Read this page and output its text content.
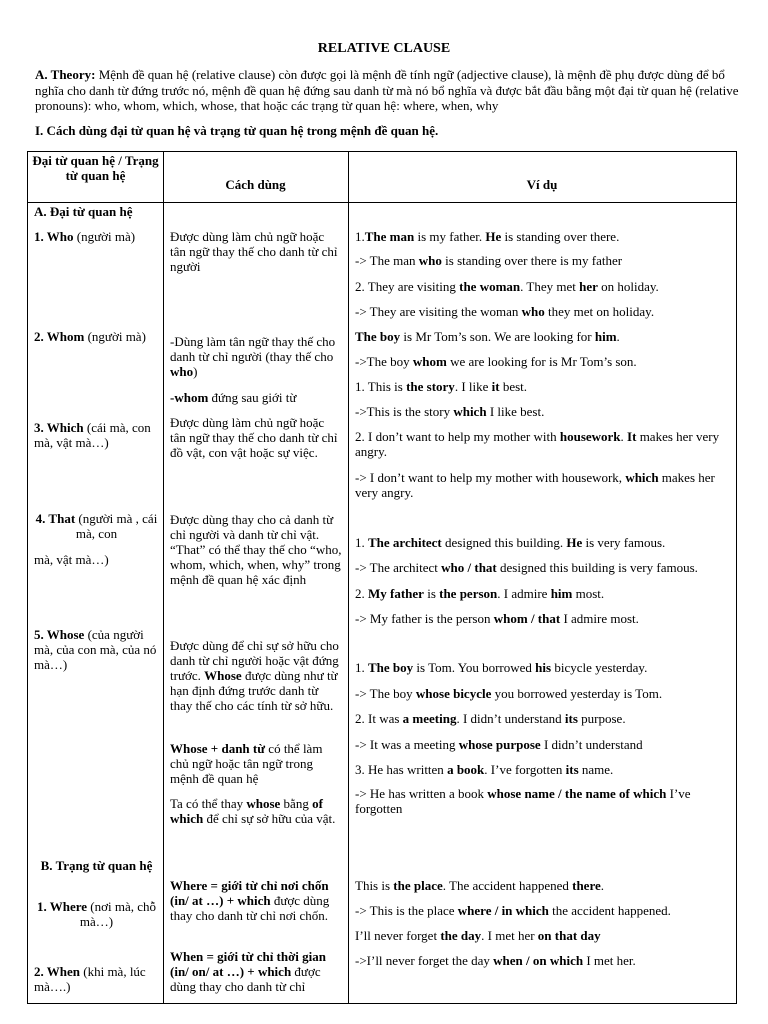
RELATIVE CLAUSE
A. Theory: Mệnh đề quan hệ (relative clause) còn được gọi là mệnh đề tính ngữ (adjective clause), là mệnh đề phụ được dùng để bổ nghĩa cho danh từ đứng trước nó, mệnh đề quan hệ đứng sau danh từ mà nó bổ nghĩa và được bắt đầu bằng một đại từ quan hệ (relative pronouns): who, whom, which, whose, that hoặc các trạng từ quan hệ: where, when, why
I. Cách dùng đại từ quan hệ và trạng từ quan hệ trong mệnh đề quan hệ.
Đại từ quan hệ / Trạng từ quan hệ
Cách dùng	Ví dụ
A. Đại từ quan hệ
1. Who (người mà)
2. Whom (người mà)
3. Which (cái mà, con mà, vật mà…)
4. That (người mà , cái mà, con
mà, vật mà…)
5. Whose (của người mà, của con mà, của nó mà…)
B. Trạng từ quan hệ
1. Where (nơi mà, chỗ mà…)
2. When (khi mà, lúc mà….)
Được dùng làm chủ ngữ hoặc tân ngữ thay thế cho danh từ chỉ người
-Dùng làm tân ngữ thay thế cho danh từ chỉ người (thay thế cho who)
-whom đứng sau giới từ
Được dùng làm chủ ngữ hoặc tân ngữ thay thế cho danh từ chỉ đồ vật, con vật hoặc sự việc.
Được dùng thay cho cả danh từ chỉ người và danh từ chỉ vật. “That” có thể thay thế cho “who, whom, which, when, why” trong mệnh đề quan hệ xác định
Được dùng để chỉ sự sở hữu cho danh từ chỉ người hoặc vật đứng trước. Whose được dùng như từ hạn định đứng trước danh từ thay thế cho các tính từ sở hữu.
Whose + danh từ có thể làm chủ ngữ hoặc tân ngữ trong mệnh đề quan hệ
Ta có thể thay whose bằng of which để chỉ sự sở hữu của vật.
Where = giới từ chỉ nơi chốn (in/ at …) + which được dùng thay cho danh từ chỉ nơi chốn.
When = giới từ chỉ thời gian (in/ on/ at …) + which được dùng thay cho danh từ chỉ
1.The man is my father. He is standing over there.
-> The man who is standing over there is my father
2. They are visiting the woman. They met her on holiday.
-> They are visiting the woman who they met on holiday.
The boy is Mr Tom’s son. We are looking for him.
->The boy whom we are looking for is Mr Tom’s son.
1. This is the story. I like it best.
->This is the story which I like best.
2. I don’t want to help my mother with housework. It makes her very angry.
-> I don’t want to help my mother with housework, which makes her very angry.
1. The architect designed this building. He is very famous.
-> The architect who / that designed this building is very famous.
2. My father is the person. I admire him most.
-> My father is the person whom / that I admire most.
1. The boy is Tom. You borrowed his bicycle yesterday.
-> The boy whose bicycle you borrowed yesterday is Tom.
2. It was a meeting. I didn’t understand its purpose.
-> It was a meeting whose purpose I didn’t understand
3. He has written a book. I’ve forgotten its name.
-> He has written a book whose name / the name of which I’ve forgotten
This is the place. The accident happened there.
-> This is the place where / in which the accident happened.
I’ll never forget the day. I met her on that day
->I’ll never forget the day when / on which I met her.
